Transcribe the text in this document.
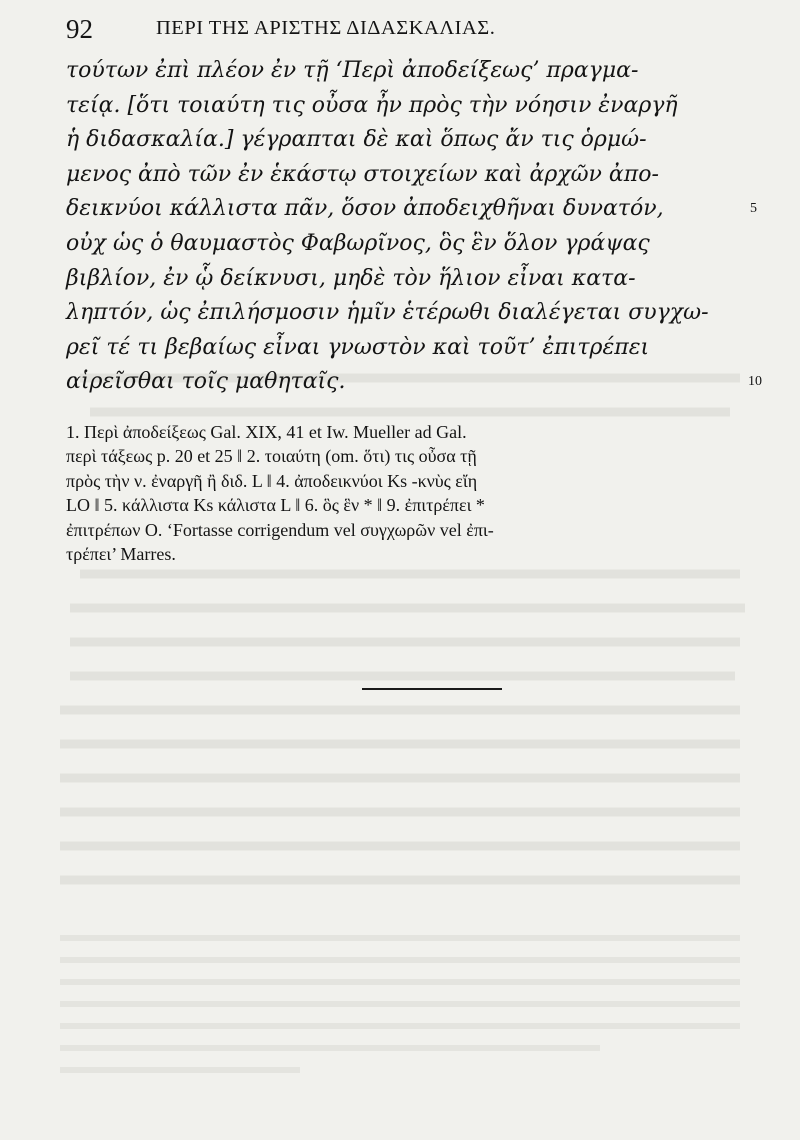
92	ΠΕΡΙ ΤΗΣ ΑΡΙΣΤΗΣ ΔΙΔΑΣΚΑΛΙΑΣ.
τούτων ἐπὶ πλέον ἐν τῇ ‘Περὶ ἀποδείξεως’ πραγμα-
τείᾳ. [ὅτι τοιαύτη τις οὖσα ἦν πρὸς τὴν νόησιν ἐναργῆ
ἡ διδασκαλία.] γέγραπται δὲ καὶ ὅπως ἄν τις ὁρμώ-
μενος ἀπὸ τῶν ἐν ἑκάστῳ στοιχείων καὶ ἀρχῶν ἀπο-
δεικνύοι κάλλιστα πᾶν, ὅσον ἀποδειχθῆναι δυνατόν,	5
οὐχ ὡς ὁ θαυμαστὸς Φαβωρῖνος, ὃς ἓν ὅλον γράψας
βιβλίον, ἐν ᾧ δείκνυσι, μηδὲ τὸν ἥλιον εἶναι κατα-
ληπτόν, ὡς ἐπιλήσμοσιν ἡμῖν ἑτέρωθι διαλέγεται συγχω-
ρεῖ τέ τι βεβαίως εἶναι γνωστὸν καὶ τοῦτ’ ἐπιτρέπει
αἱρεῖσθαι τοῖς μαθηταῖς.	10
1. Περὶ ἀποδείξεως Gal. XIX, 41 et Iw. Mueller ad Gal.
περὶ τάξεως p. 20 et 25 ‖ 2. τοιαύτη (om. ὅτι) τις οὖσα τῇ
πρὸς τὴν ν. ἐναργῆ ἢ διδ. L ‖ 4. ἀποδεικνύοι Ks -κνὺς εἴη
LO ‖ 5. κάλλιστα Ks κάλιστα L ‖ 6. ὃς ἓν * ‖ 9. ἐπιτρέπει *
ἐπιτρέπων O. ‘Fortasse corrigendum vel συγχωρῶν vel ἐπι-
τρέπει’ Marres.
